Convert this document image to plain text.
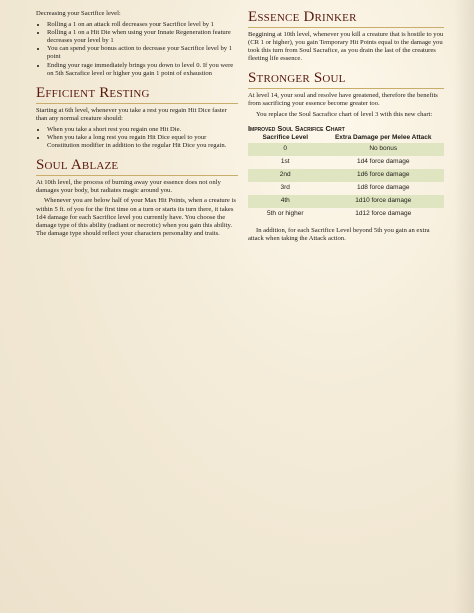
Decreasing your Sacrifice level:

• Rolling a 1 on an attack roll decreases your Sacrifice level by 1
• Rolling a 1 on a Hit Die when using your Innate Regeneration feature decreases your level by 1
• You can spend your bonus action to decrease your Sacrifice level by 1 point
• Ending your rage immediately brings you down to level 0. If you were on 5th Sacrafice level or higher you gain 1 point of exhaustion
Efficient Resting

Starting at 6th level, whenever you take a rest you regain Hit Dice faster than any normal creature should:

• When you take a short rest you regain one Hit Die.
• When you take a long rest you regain Hit Dice equel to your Constitution modifier in addition to the regular Hit Dice you regain.
Soul Ablaze

At 10th level, the process of burning away your essence does not only damages your body, but radiates magic around you.

Whenever you are below half of your Max Hit Points, when a creature is within 5 ft. of you for the first time on a turn or starts its turn there, it takes 1d4 damage for each Sacrifice level you currently have. You choose the damage type of this ability (radiant or necrotic) when you gain this ability. The damage type should reflect your characters personality and traits.

Essence Drinker

Beggining at 10th level, whenever you kill a creature that is hostile to you (CR 1 or higher), you gain Temporary Hit Points equal to the damage you took this turn from Soul Sacrafice, as you drain the last of the creatures fleeting life essence.

Stronger Soul

At level 14, your soul and resolve have greatened, therefore the benefits from sacrificing your essence become greater too.

You replace the Soul Sacrafice chart of level 3 with this new chart:

Improved Soul Sacrifice Chart
Sacrifice Level	Extra Damage per Melee Attack
0	No bonus
1st	1d4 force damage
2nd	1d6 force damage
3rd	1d8 force damage
4th	1d10 force damage
5th or higher	1d12 force damage

In addition, for each Sacrifice Level beyond 5th you gain an extra attack when taking the Attack action.
